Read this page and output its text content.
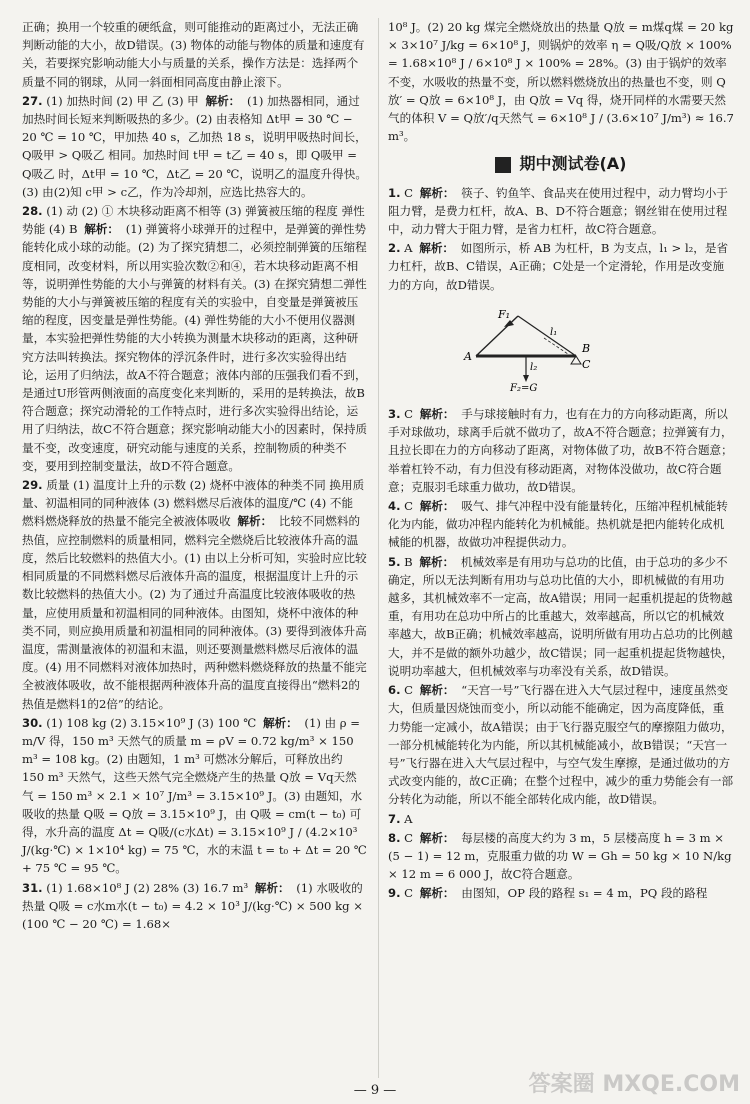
正确；换用一个较重的硬纸盒，则可能推动的距离过小，无法正确判断动能的大小，故D错误。(3) 物体的动能与物体的质量和速度有关，若要探究影响动能大小与质量的关系，操作方法是：选择两个质量不同的钢球，从同一斜面相同高度由静止滚下。
27. (1) 加热时间 (2) 甲 乙 (3) 甲 解析： (1) 加热器相同，通过加热时间长短来判断吸热的多少。(2) 由表格知 Δt甲 = 30 ℃ − 20 ℃ = 10 ℃，甲加热 40 s，乙加热 18 s，说明甲吸热时间长，Q吸甲 > Q吸乙 相同。加热时间 t甲 = t乙 = 40 s，即 Q吸甲 = Q吸乙 时，Δt甲 = 10 ℃，Δt乙 = 20 ℃，说明乙的温度升得快。(3) 由(2)知 c甲 > c乙，作为冷却剂，应选比热容大的。
28. (1) 动 (2) ① 木块移动距离不相等 (3) 弹簧被压缩的程度 弹性势能 (4) B 解析： (1) 弹簧将小球弹开的过程中，是弹簧的弹性势能转化成小球的动能。(2) 为了探究猜想二，必须控制弹簧的压缩程度相同，改变材料，所以用实验次数②和④，若木块移动距离不相等，说明弹性势能的大小与弹簧的材料有关。(3) 在探究猜想二弹性势能的大小与弹簧被压缩的程度有关的实验中，自变量是弹簧被压缩的程度，因变量是弹性势能。(4) 弹性势能的大小不便用仪器测量，本实验把弹性势能的大小转换为测量木块移动的距离，这种研究方法叫转换法。探究物体的浮沉条件时，进行多次实验得出结论，运用了归纳法，故A不符合题意；液体内部的压强我们看不到，是通过U形管两侧液面的高度变化来判断的，采用的是转换法，故B符合题意；探究动滑轮的工作特点时，进行多次实验得出结论，运用了归纳法，故C不符合题意；探究影响动能大小的因素时，保持质量不变，改变速度，研究动能与速度的关系，控制物质的种类不变，要用到控制变量法，故D不符合题意。
29. 质量 (1) 温度计上升的示数 (2) 烧杯中液体的种类不同 换用质量、初温相同的同种液体 (3) 燃料燃尽后液体的温度/℃ (4) 不能 燃料燃烧释放的热量不能完全被液体吸收 解析： 比较不同燃料的热值，应控制燃料的质量相同，燃料完全燃烧后比较液体升高的温度，然后比较燃料的热值大小。(1) 由以上分析可知，实验时应比较相同质量的不同燃料燃尽后液体升高的温度，根据温度计上升的示数比较燃料的热值大小。(2) 为了通过升高温度比较液体吸收的热量，应使用质量和初温相同的同种液体。由图知，烧杯中液体的种类不同，则应换用质量和初温相同的同种液体。(3) 要得到液体升高温度，需测量液体的初温和末温，则还要测量燃料燃尽后液体的温度。(4) 用不同燃料对液体加热时，两种燃料燃烧释放的热量不能完全被液体吸收，故不能根据两种液体升高的温度直接得出“燃料2的热值是燃料1的2倍”的结论。
30. (1) 108 kg (2) 3.15×10⁹ J (3) 100 ℃ 解析： (1) 由 ρ = m/V 得，150 m³ 天然气的质量 m = ρV = 0.72 kg/m³ × 150 m³ = 108 kg。(2) 由题知，1 m³ 可燃冰分解后，可释放出约 150 m³ 天然气，这些天然气完全燃烧产生的热量 Q放 = Vq天然气 = 150 m³ × 2.1 × 10⁷ J/m³ = 3.15×10⁹ J。(3) 由题知，水吸收的热量 Q吸 = Q放 = 3.15×10⁹ J，由 Q吸 = cm(t − t₀) 可得，水升高的温度 Δt = Q吸/(c水Δt) = 3.15×10⁹ J / (4.2×10³ J/(kg·℃) × 1×10⁴ kg) = 75 ℃，水的末温 t = t₀ + Δt = 20 ℃ + 75 ℃ = 95 ℃。
31. (1) 1.68×10⁸ J (2) 28% (3) 16.7 m³ 解析： (1) 水吸收的热量 Q吸 = c水m水(t − t₀) = 4.2 × 10³ J/(kg·℃) × 500 kg × (100 ℃ − 20 ℃) = 1.68×
10⁸ J。(2) 20 kg 煤完全燃烧放出的热量 Q放 = m煤q煤 = 20 kg × 3×10⁷ J/kg = 6×10⁸ J，则锅炉的效率 η = Q吸/Q放 × 100% = 1.68×10⁸ J / 6×10⁸ J × 100% = 28%。(3) 由于锅炉的效率不变，水吸收的热量不变，所以燃料燃烧放出的热量也不变，则 Q放′ = Q放 = 6×10⁸ J，由 Q放 = Vq 得，烧开同样的水需要天然气的体积 V = Q放′/q天然气 = 6×10⁸ J / (3.6×10⁷ J/m³) ≈ 16.7 m³。
期中测试卷(A)
1. C 解析： 筷子、钓鱼竿、食品夹在使用过程中，动力臂均小于阻力臂，是费力杠杆，故A、B、D不符合题意；钢丝钳在使用过程中，动力臂大于阻力臂，是省力杠杆，故C符合题意。
2. A 解析： 如图所示，桥 AB 为杠杆，B 为支点，l₁ > l₂，是省力杠杆，故B、C错误，A正确；C处是一个定滑轮，作用是改变施力的方向，故D错误。
F₁
l₁
l₂
A
B
C
F₂=G
3. C 解析： 手与球接触时有力，也有在力的方向移动距离，所以手对球做功，球离手后就不做功了，故A不符合题意；拉弹簧有力，且拉长即在力的方向移动了距离，对物体做了功，故B不符合题意；举着杠铃不动，有力但没有移动距离，对物体没做功，故C符合题意；克服羽毛球重力做功，故D错误。
4. C 解析： 吸气、排气冲程中没有能量转化，压缩冲程机械能转化为内能，做功冲程内能转化为机械能。热机就是把内能转化成机械能的机器，故做功冲程提供动力。
5. B 解析： 机械效率是有用功与总功的比值，由于总功的多少不确定，所以无法判断有用功与总功比值的大小，即机械做的有用功越多，其机械效率不一定高，故A错误；用同一起重机提起的货物越重，有用功在总功中所占的比重越大，效率越高，所以它的机械效率越大，故B正确；机械效率越高，说明所做有用功占总功的比例越大，并不是做的额外功越少，故C错误；同一起重机提起货物越快，说明功率越大，但机械效率与功率没有关系，故D错误。
6. C 解析： “天宫一号”飞行器在进入大气层过程中，速度虽然变大，但质量因烧蚀而变小，所以动能不能确定，因为高度降低，重力势能一定减小，故A错误；由于飞行器克服空气的摩擦阻力做功，一部分机械能转化为内能，所以其机械能减小，故B错误；“天宫一号”飞行器在进入大气层过程中，与空气发生摩擦，是通过做功的方式改变内能的，故C正确；在整个过程中，减少的重力势能会有一部分转化为动能，所以不能全部转化成内能，故D错误。
7. A
8. C 解析： 每层楼的高度大约为 3 m，5 层楼高度 h = 3 m × (5 − 1) = 12 m，克服重力做的功 W = Gh = 50 kg × 10 N/kg × 12 m = 6 000 J，故C符合题意。
9. C 解析： 由图知，OP 段的路程 s₁ = 4 m，PQ 段的路程
— 9 —	答案圈 MXQE.COM
